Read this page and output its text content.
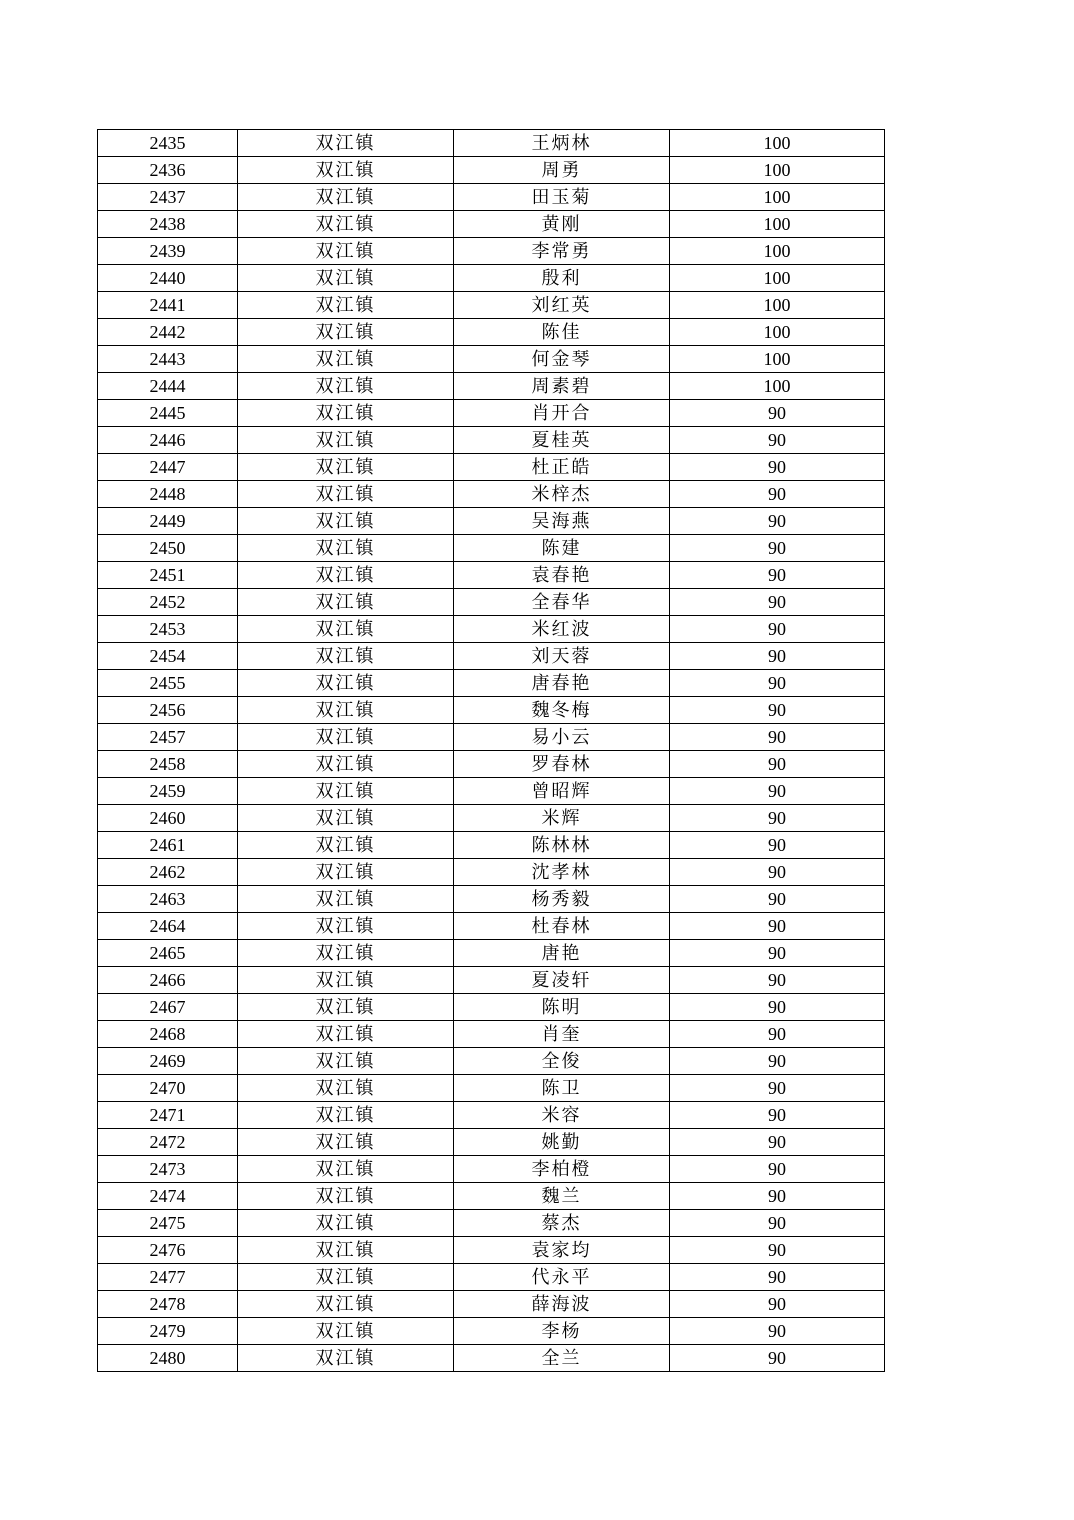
2435	双江镇	王炳林	100
2436	双江镇	周勇	100
2437	双江镇	田玉菊	100
2438	双江镇	黄刚	100
2439	双江镇	李常勇	100
2440	双江镇	殷利	100
2441	双江镇	刘红英	100
2442	双江镇	陈佳	100
2443	双江镇	何金琴	100
2444	双江镇	周素碧	100
2445	双江镇	肖开合	90
2446	双江镇	夏桂英	90
2447	双江镇	杜正皓	90
2448	双江镇	米梓杰	90
2449	双江镇	吴海燕	90
2450	双江镇	陈建	90
2451	双江镇	袁春艳	90
2452	双江镇	全春华	90
2453	双江镇	米红波	90
2454	双江镇	刘天蓉	90
2455	双江镇	唐春艳	90
2456	双江镇	魏冬梅	90
2457	双江镇	易小云	90
2458	双江镇	罗春林	90
2459	双江镇	曾昭辉	90
2460	双江镇	米辉	90
2461	双江镇	陈林林	90
2462	双江镇	沈孝林	90
2463	双江镇	杨秀毅	90
2464	双江镇	杜春林	90
2465	双江镇	唐艳	90
2466	双江镇	夏凌轩	90
2467	双江镇	陈明	90
2468	双江镇	肖奎	90
2469	双江镇	全俊	90
2470	双江镇	陈卫	90
2471	双江镇	米容	90
2472	双江镇	姚勤	90
2473	双江镇	李柏橙	90
2474	双江镇	魏兰	90
2475	双江镇	蔡杰	90
2476	双江镇	袁家均	90
2477	双江镇	代永平	90
2478	双江镇	薛海波	90
2479	双江镇	李杨	90
2480	双江镇	全兰	90
